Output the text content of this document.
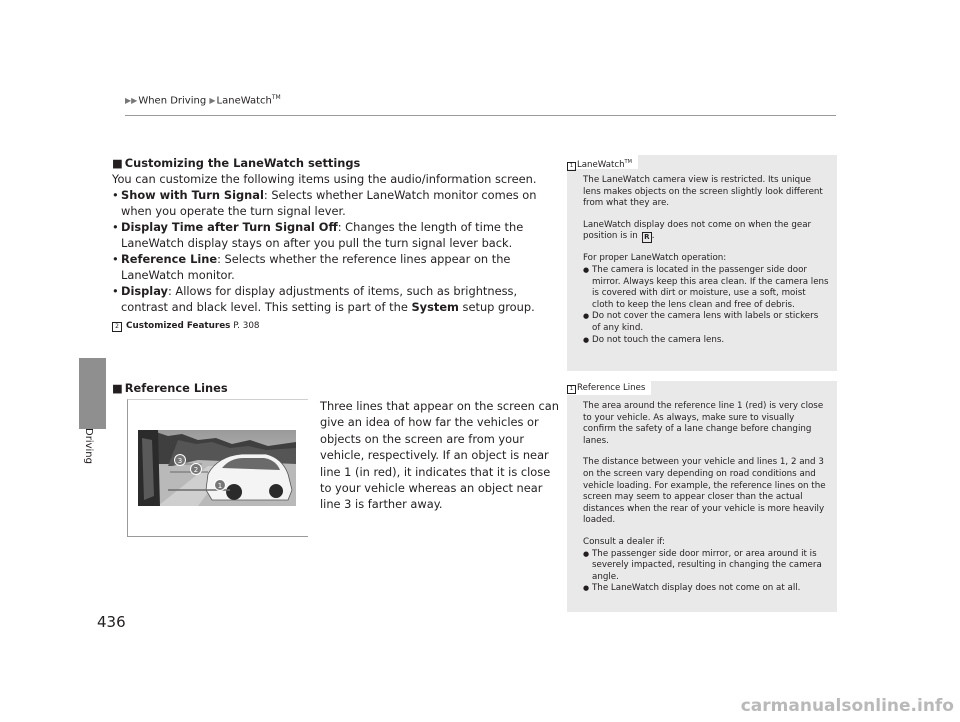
▶▶When Driving ▶LaneWatch™
Driving
436
■ Customizing the LaneWatch settings
You can customize the following items using the audio/information screen.
• Show with Turn Signal: Selects whether LaneWatch monitor comes on when you operate the turn signal lever.
• Display Time after Turn Signal Off: Changes the length of time the LaneWatch display stays on after you pull the turn signal lever back.
• Reference Line: Selects whether the reference lines appear on the LaneWatch monitor.
• Display: Allows for display adjustments of items, such as brightness, contrast and black level. This setting is part of the System setup group.
2 Customized Features P. 308
■ Reference Lines
Three lines that appear on the screen can give an idea of how far the vehicles or objects on the screen are from your vehicle, respectively. If an object is near line 1 (in red), it indicates that it is close to your vehicle whereas an object near line 3 is farther away.
3
2
1
1 LaneWatch™

The LaneWatch camera view is restricted. Its unique lens makes objects on the screen slightly look different from what they are.

LaneWatch display does not come on when the gear position is in R .

For proper LaneWatch operation:
● The camera is located in the passenger side door mirror. Always keep this area clean. If the camera lens is covered with dirt or moisture, use a soft, moist cloth to keep the lens clean and free of debris.
● Do not cover the camera lens with labels or stickers of any kind.
● Do not touch the camera lens.
1 Reference Lines

The area around the reference line 1 (red) is very close to your vehicle. As always, make sure to visually confirm the safety of a lane change before changing lanes.

The distance between your vehicle and lines 1, 2 and 3 on the screen vary depending on road conditions and vehicle loading. For example, the reference lines on the screen may seem to appear closer than the actual distances when the rear of your vehicle is more heavily loaded.

Consult a dealer if:
● The passenger side door mirror, or area around it is severely impacted, resulting in changing the camera angle.
● The LaneWatch display does not come on at all.
carmanualsonline.info
